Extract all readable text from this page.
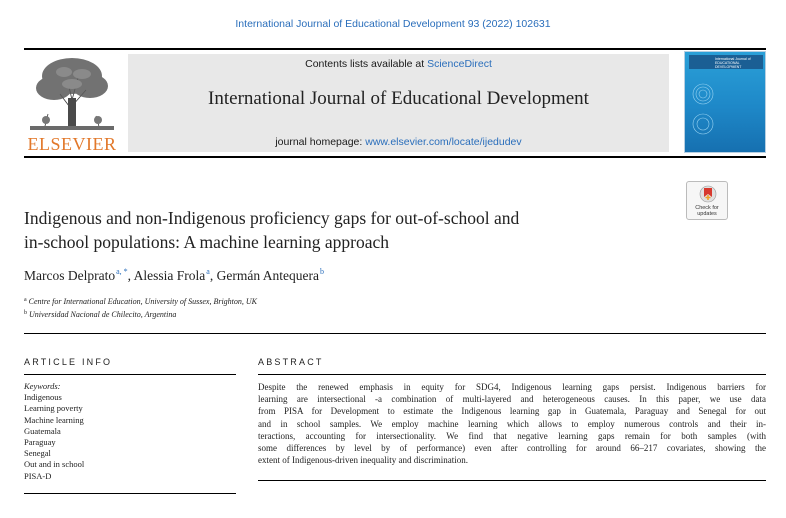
International Journal of Educational Development 93 (2022) 102631
ELSEVIER
Contents lists available at ScienceDirect
International Journal of Educational Development
journal homepage: www.elsevier.com/locate/ijedudev
International Journal of EDUCATIONAL DEVELOPMENT
Check for
updates
Indigenous and non-Indigenous proficiency gaps for out-of-school and
in-school populations: A machine learning approach
Marcos Delprato$^{a, *}$, Alessia Frola$^a$, Germán Antequera$^b$
$^a$ Centre for International Education, University of Sussex, Brighton, UK
$^b$ Universidad Nacional de Chilecito, Argentina
ARTICLE INFO	ABSTRACT
Keywords:
Indigenous
Learning poverty
Machine learning
Guatemala
Paraguay
Senegal
Out and in school
PISA-D
Despite the renewed emphasis in equity for SDG4, Indigenous learning gaps persist. Indigenous barriers for
learning are intersectional -a combination of multi-layered and heterogeneous causes. In this paper, we use data
from PISA for Development to estimate the Indigenous learning gap in Guatemala, Paraguay and Senegal for out
and in school samples. We employ machine learning which allows to employ numerous controls and their in-
teractions, accounting for intersectionality. We find that negative learning gaps remain for both samples (with
some differences by level by of performance) even after controlling for around 66–217 covariates, showing the
extent of Indigenous-driven inequality and discrimination.
